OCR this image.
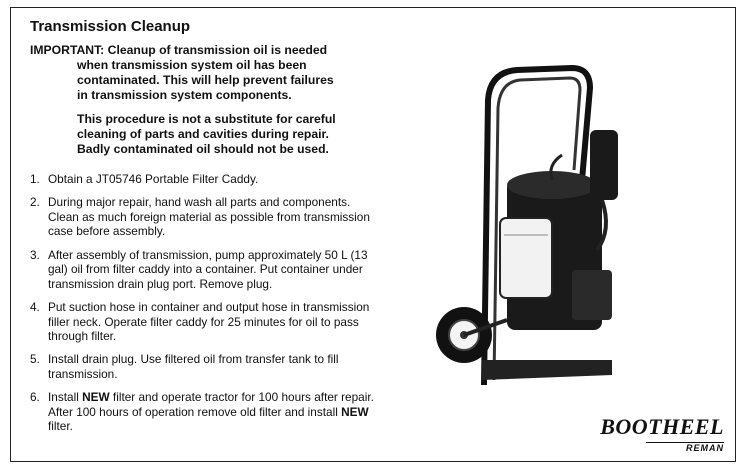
Transmission Cleanup
IMPORTANT: Cleanup of transmission oil is needed
when transmission system oil has been
contaminated. This will help prevent failures
in transmission system components.
This procedure is not a substitute for careful
cleaning of parts and cavities during repair.
Badly contaminated oil should not be used.
1. Obtain a JT05746 Portable Filter Caddy.
2. During major repair, hand wash all parts and components. Clean as much foreign material as possible from transmission case before assembly.
3. After assembly of transmission, pump approximately 50 L (13 gal) oil from filter caddy into a container. Put container under transmission drain plug port. Remove plug.
4. Put suction hose in container and output hose in transmission filler neck. Operate filter caddy for 25 minutes for oil to pass through filter.
5. Install drain plug. Use filtered oil from transfer tank to fill transmission.
6. Install NEW filter and operate tractor for 100 hours after repair. After 100 hours of operation remove old filter and install NEW filter.	BOOTHEEL
REMAN
